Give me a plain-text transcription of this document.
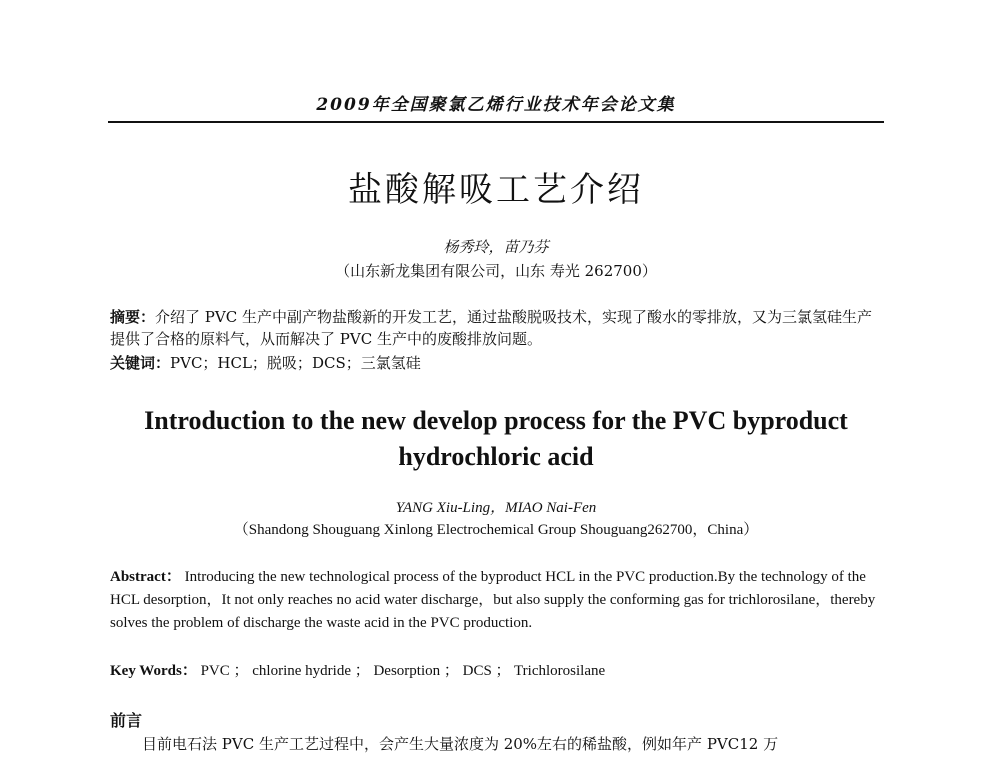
2009年全国聚氯乙烯行业技术年会论文集
盐酸解吸工艺介绍
杨秀玲，苗乃芬
（山东新龙集团有限公司，山东 寿光 262700）
摘要：介绍了 PVC 生产中副产物盐酸新的开发工艺，通过盐酸脱吸技术，实现了酸水的零排放，又为三氯氢硅生产提供了合格的原料气，从而解决了 PVC 生产中的废酸排放问题。
关键词：PVC；HCL；脱吸；DCS；三氯氢硅
Introduction to the new develop process for the PVC byproduct hydrochloric acid
YANG Xiu-Ling，MIAO Nai-Fen
（Shandong Shouguang Xinlong Electrochemical Group Shouguang262700，China）
Abstract： Introducing the new technological process of the byproduct HCL in the PVC production.By the technology of the HCL desorption，It not only reaches no acid water discharge，but also supply the conforming gas for trichlorosilane，thereby solves the problem of discharge the waste acid in the PVC production.
Key Words： PVC ； chlorine hydride ； Desorption ； DCS ； Trichlorosilane
前言
目前电石法 PVC 生产工艺过程中，会产生大量浓度为 20%左右的稀盐酸，例如年产 PVC12 万
